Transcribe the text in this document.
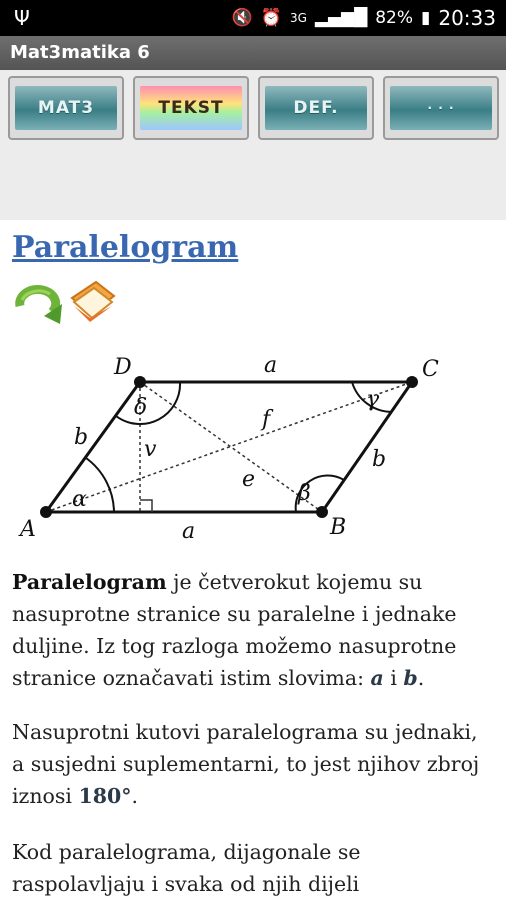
Ψ	🔇 ⏰ 3G ▂▄▆█ 82% ▮ 20:33
Mat3matika 6
MAT3	TEKST	DEF.	· · ·
Paralelogram
A	B
C
D	a
a
b
b
f
e
v
α	β
γ
δ
Paralelogram je četverokut kojemu su nasuprotne stranice su paralelne i jednake duljine. Iz tog razloga možemo nasuprotne stranice označavati istim slovima: a i b.
Nasuprotni kutovi paralelograma su jednaki, a susjedni suplementarni, to jest njihov zbroj iznosi 180°.
Kod paralelograma, dijagonale se raspolavljaju i svaka od njih dijeli
